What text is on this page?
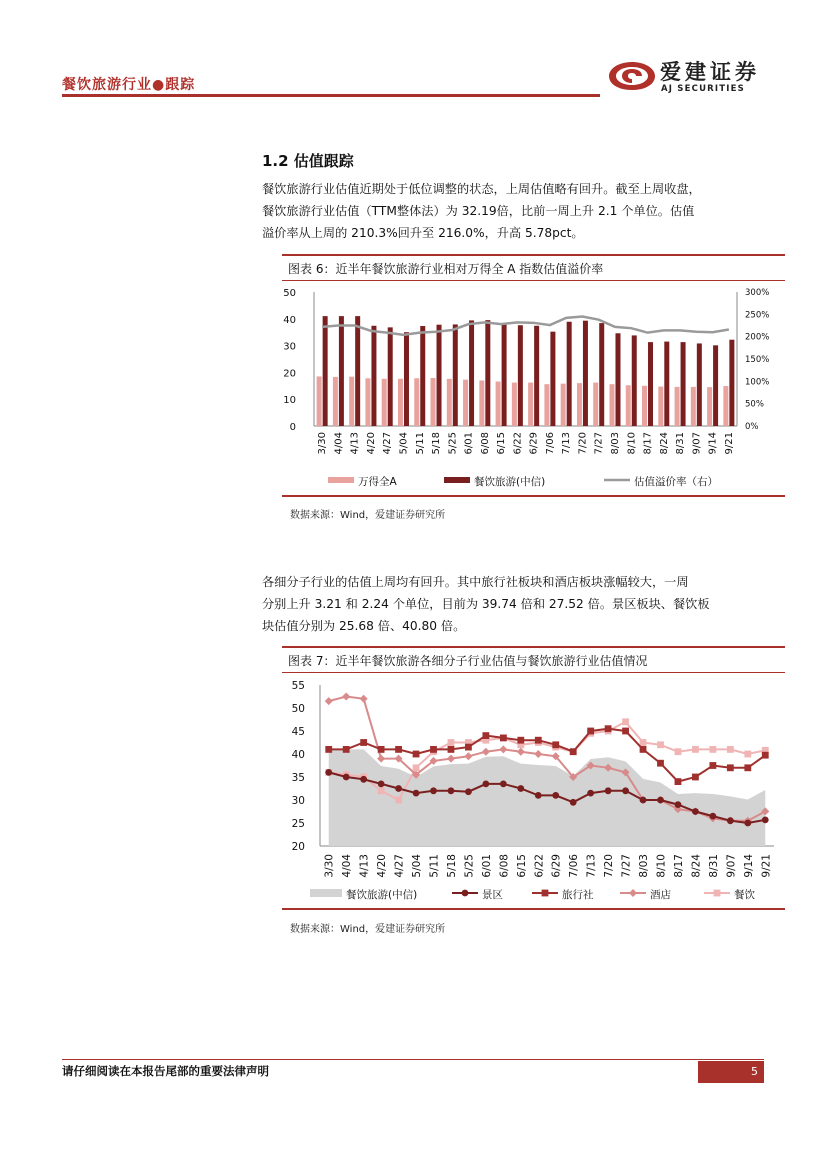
餐饮旅游行业●跟踪
爱建证券
AJ SECURITIES
1.2 估值跟踪
餐饮旅游行业估值近期处于低位调整的状态，上周估值略有回升。截至上周收盘，
餐饮旅游行业估值（TTM整体法）为 32.19倍，比前一周上升 2.1 个单位。估值
溢价率从上周的 210.3%回升至 216.0%，升高 5.78pct。
图表 6：近半年餐饮旅游行业相对万得全 A 指数估值溢价率
0
10
20
30
40
50
0%
50%
100%
150%
200%
250%
300%
3/30 4/04 4/13 4/20 4/27 5/04 5/11 5/18 5/25 6/01 6/08 6/15 6/22 6/29 7/06 7/13 7/20 7/27 8/03 8/10 8/17 8/24 8/31 9/07 9/14 9/21
万得全A	餐饮旅游(中信)	估值溢价率（右）
数据来源：Wind，爱建证券研究所
各细分子行业的估值上周均有回升。其中旅行社板块和酒店板块涨幅较大，一周
分别上升 3.21 和 2.24 个单位，目前为 39.74 倍和 27.52 倍。景区板块、餐饮板
块估值分别为 25.68 倍、40.80 倍。
图表 7：近半年餐饮旅游各细分子行业估值与餐饮旅游行业估值情况
20
25
30
35
40
45
50
55
3/30 4/04 4/13 4/20 4/27 5/04 5/11 5/18 5/25 6/01 6/08 6/15 6/22 6/29 7/06 7/13 7/20 7/27 8/03 8/10 8/17 8/24 8/31 9/07 9/14 9/21
餐饮旅游(中信)	景区	旅行社	酒店	餐饮
数据来源：Wind，爱建证券研究所
请仔细阅读在本报告尾部的重要法律声明	5
